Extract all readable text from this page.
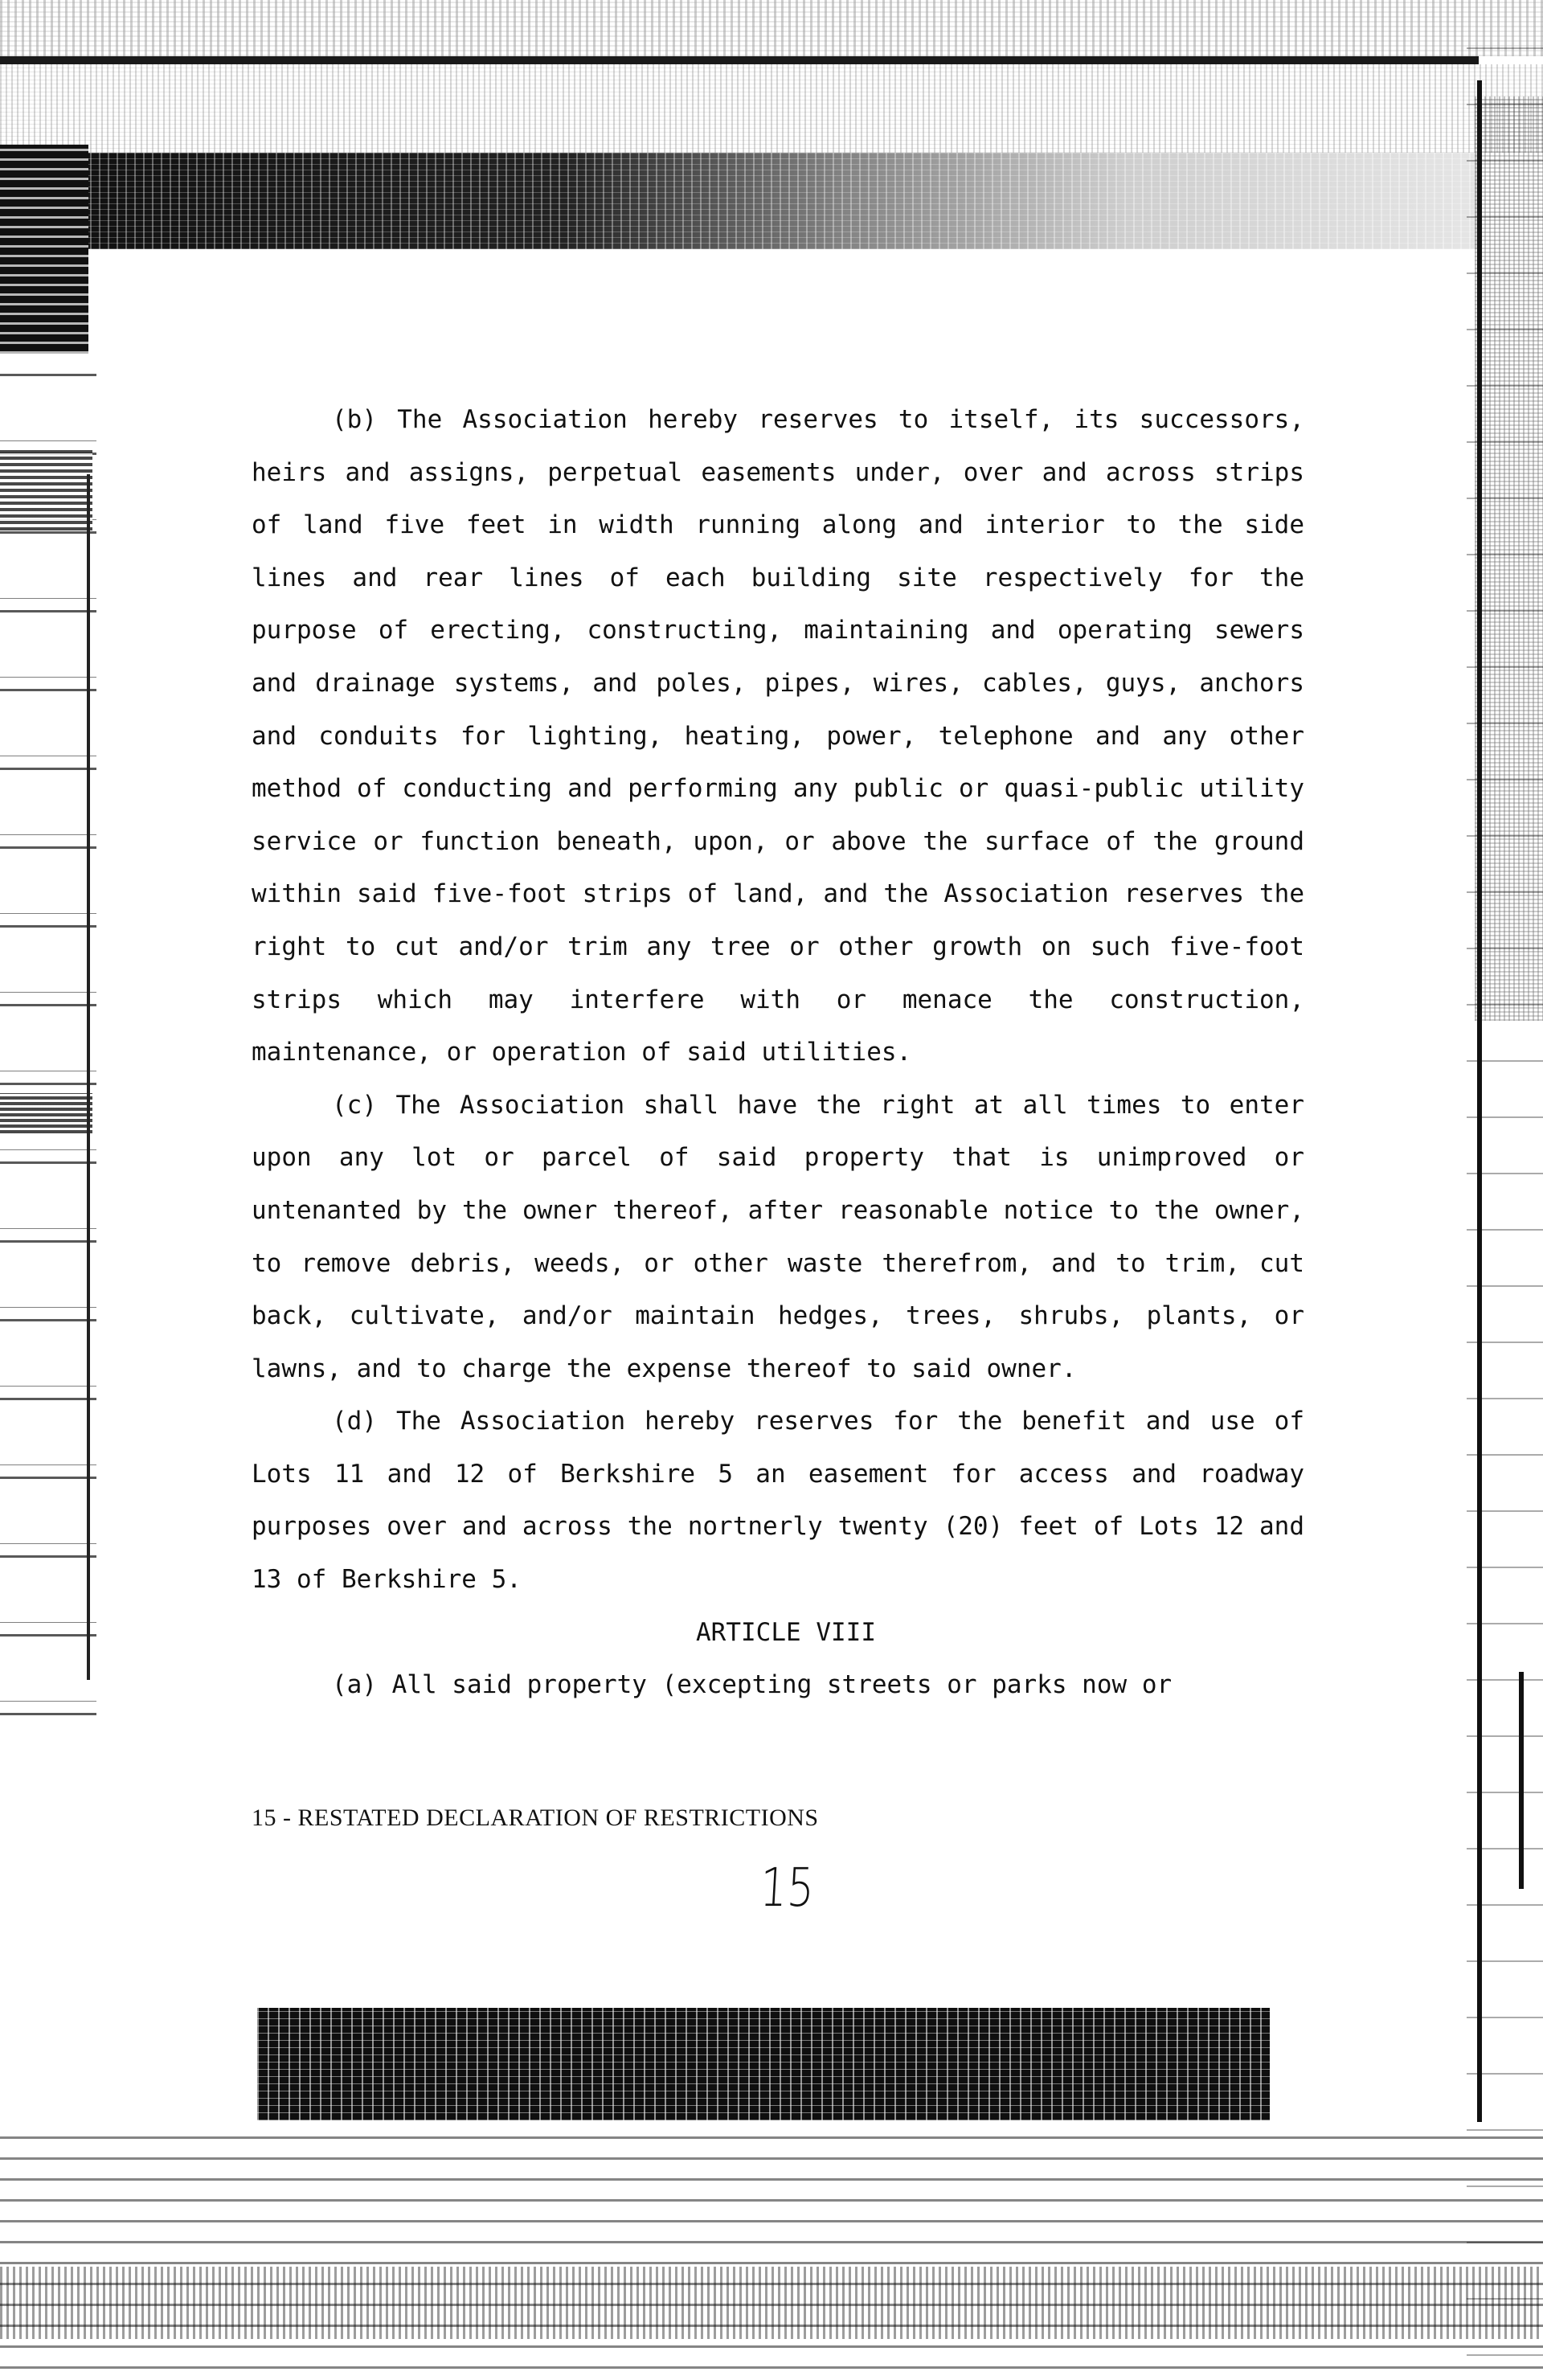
(b) The Association hereby reserves to itself, its successors, heirs and assigns, perpetual easements under, over and across strips of land five feet in width running along and interior to the side lines and rear lines of each building site respectively for the purpose of erecting, constructing, maintaining and operating sewers and drainage systems, and poles, pipes, wires, cables, guys, anchors and conduits for lighting, heating, power, telephone and any other method of conducting and performing any public or quasi-public utility service or function beneath, upon, or above the surface of the ground within said five-foot strips of land, and the Association reserves the right to cut and/or trim any tree or other growth on such five-foot strips which may interfere with or menace the construction, maintenance, or operation of said utilities.

(c) The Association shall have the right at all times to enter upon any lot or parcel of said property that is unimproved or untenanted by the owner thereof, after reasonable notice to the owner, to remove debris, weeds, or other waste therefrom, and to trim, cut back, cultivate, and/or maintain hedges, trees, shrubs, plants, or lawns, and to charge the expense thereof to said owner.

(d) The Association hereby reserves for the benefit and use of Lots 11 and 12 of Berkshire 5 an easement for access and roadway purposes over and across the nortnerly twenty (20) feet of Lots 12 and 13 of Berkshire 5.

ARTICLE VIII

(a) All said property (excepting streets or parks now or

15 - RESTATED DECLARATION OF RESTRICTIONS
15
